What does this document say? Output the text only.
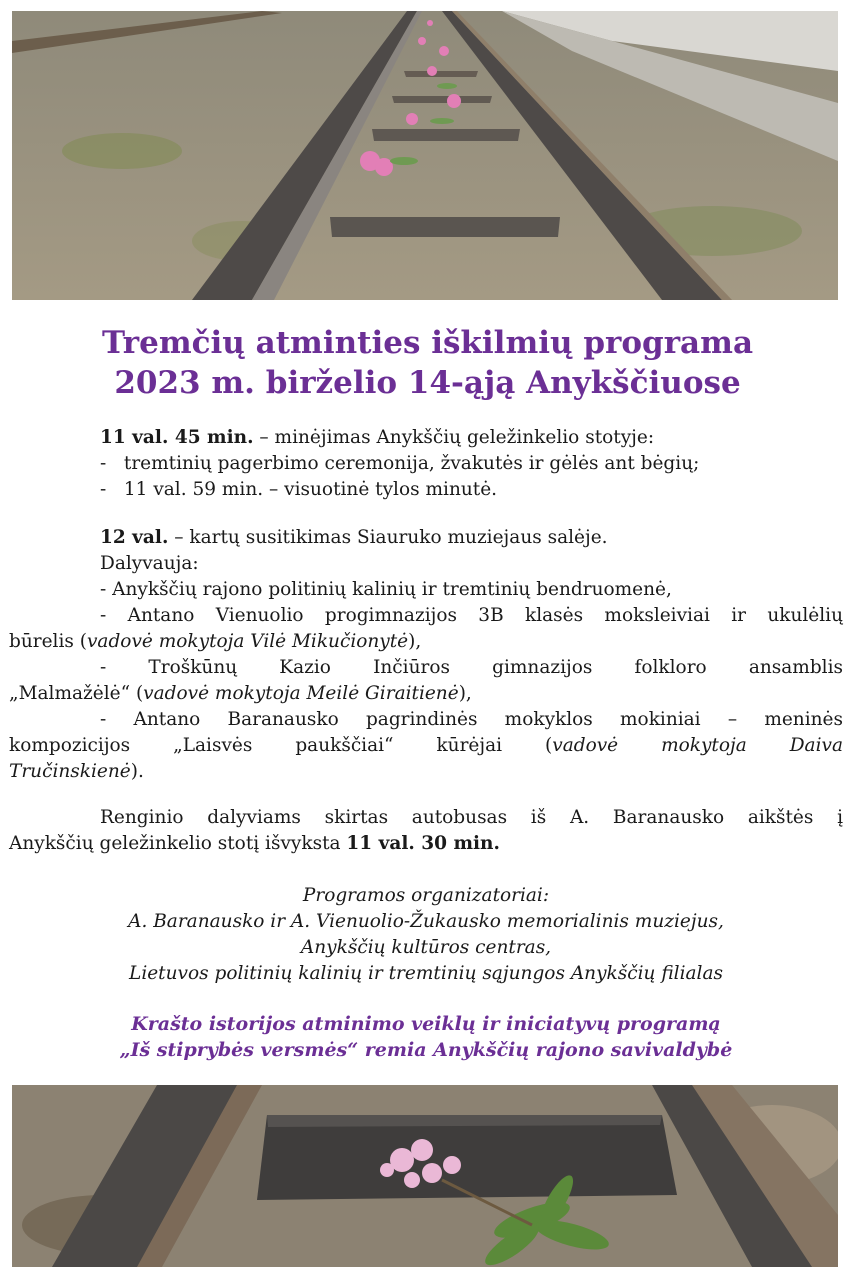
Tremčių atminties iškilmių programa
2023 m. birželio 14-ąją Anykščiuose
11 val. 45 min. – minėjimas Anykščių geležinkelio stotyje:
-   tremtinių pagerbimo ceremonija, žvakutės ir gėlės ant bėgių;
-   11 val. 59 min. – visuotinė tylos minutė.
12 val. – kartų susitikimas Siauruko muziejaus salėje.
Dalyvauja:
- Anykščių rajono politinių kalinių ir tremtinių bendruomenė,
- Antano Vienuolio progimnazijos 3B klasės moksleiviai ir ukulėlių
būrelis (vadovė mokytoja Vilė Mikučionytė),
- Troškūnų Kazio Inčiūros gimnazijos folkloro ansamblis
„Malmažėlė“ (vadovė mokytoja Meilė Giraitienė),
- Antano Baranausko pagrindinės mokyklos mokiniai – meninės
kompozicijos „Laisvės paukščiai“ kūrėjai (vadovė mokytoja Daiva
Tručinskienė).
Renginio dalyviams skirtas autobusas iš A. Baranausko aikštės į
Anykščių geležinkelio stotį išvyksta 11 val. 30 min.
Programos organizatoriai:
A. Baranausko ir A. Vienuolio-Žukausko memorialinis muziejus,
Anykščių kultūros centras,
Lietuvos politinių kalinių ir tremtinių sąjungos Anykščių filialas
Krašto istorijos atminimo veiklų ir iniciatyvų programą
„Iš stiprybės versmės“ remia Anykščių rajono savivaldybė
